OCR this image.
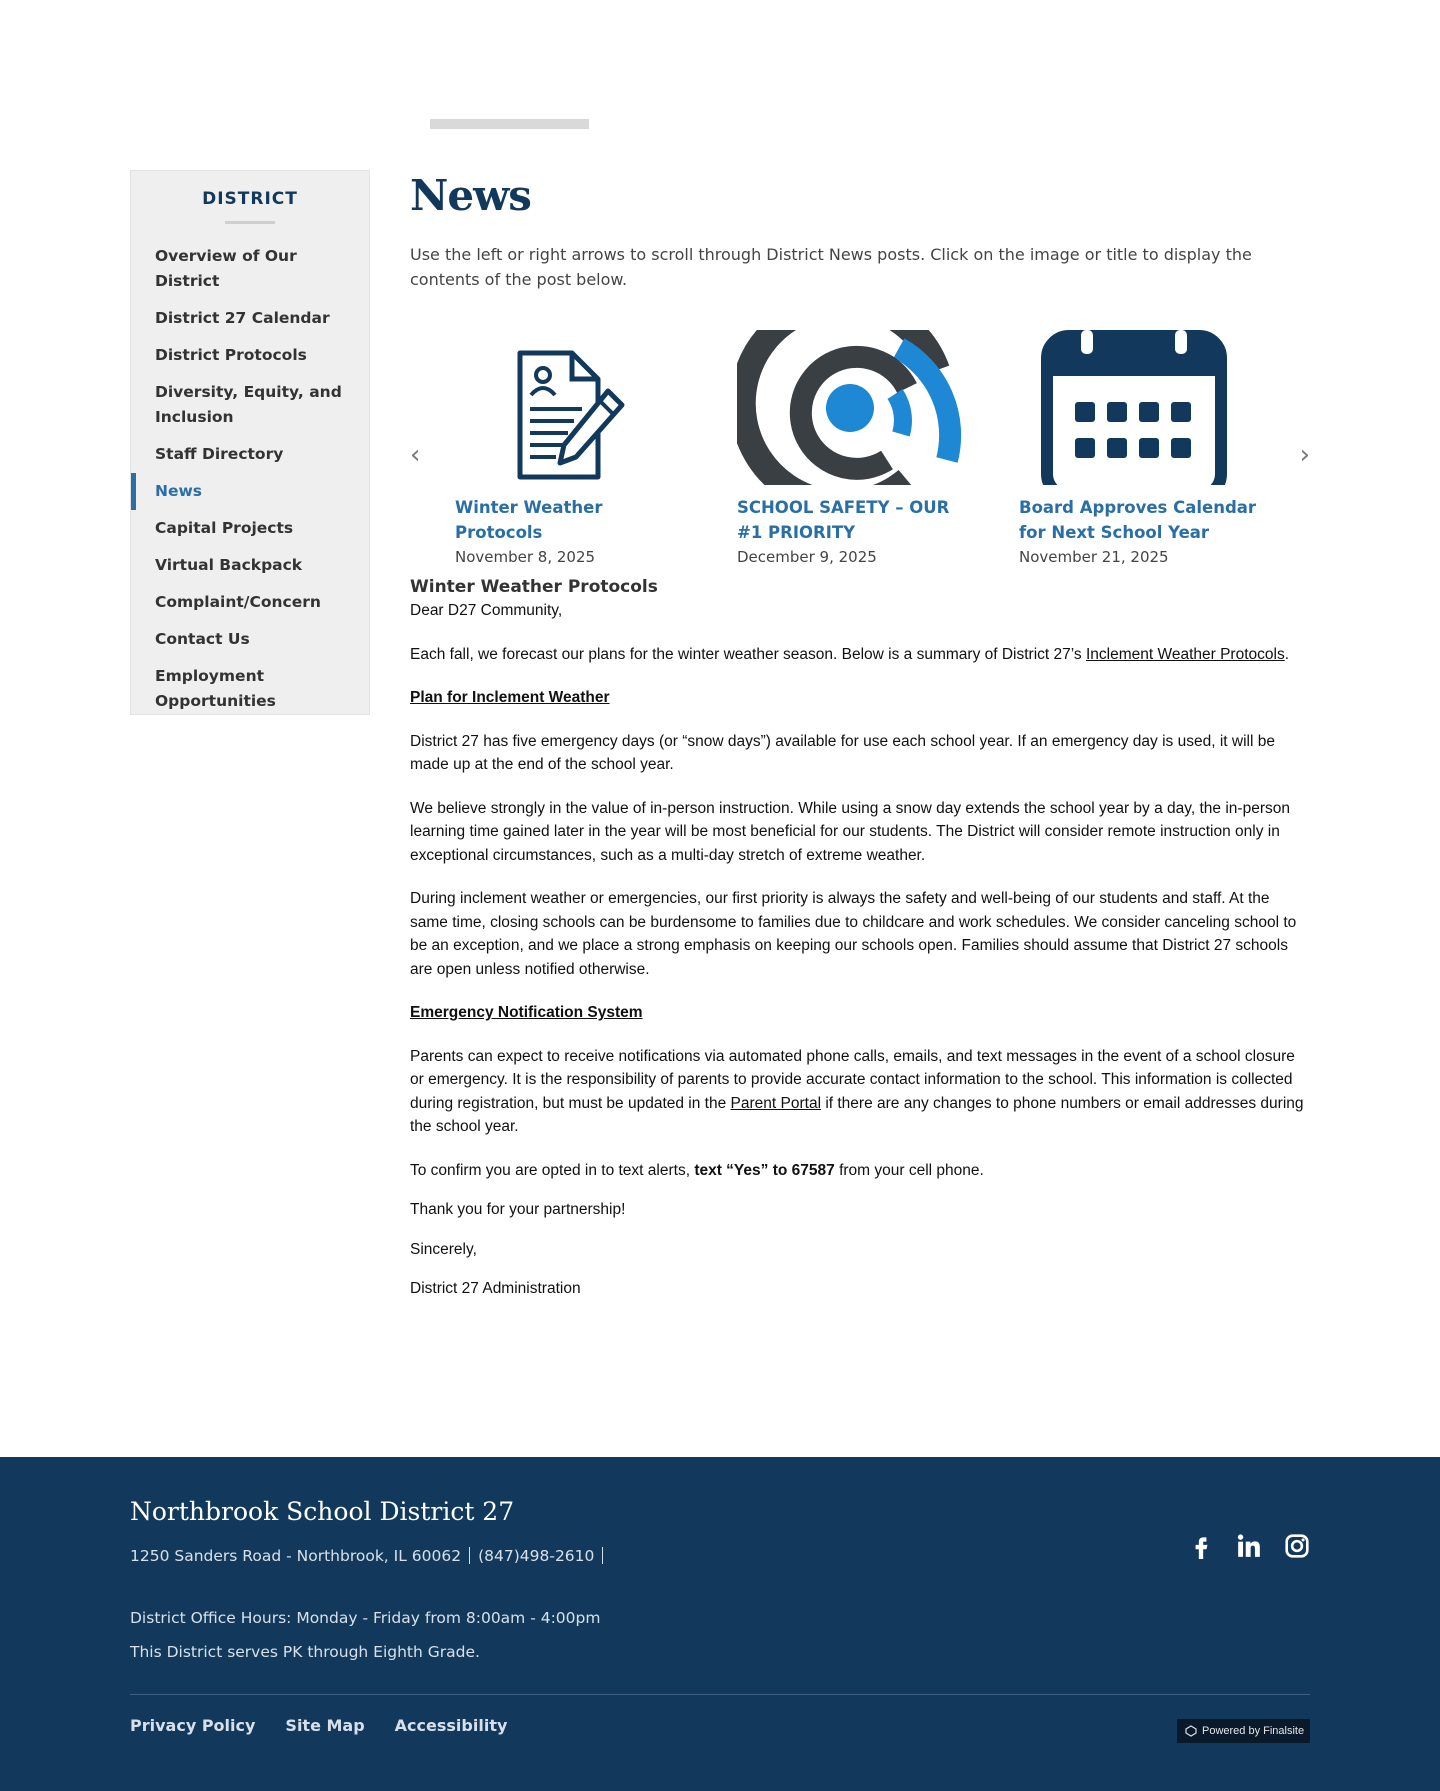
DISTRICT
Overview of Our District
District 27 Calendar
District Protocols
Diversity, Equity, and Inclusion
Staff Directory
News
Capital Projects
Virtual Backpack
Complaint/Concern
Contact Us
Employment Opportunities
News

Use the left or right arrows to scroll through District News posts. Click on the image or title to display the contents of the post below.

‹
Winter Weather Protocols
November 8, 2025
SCHOOL SAFETY – OUR #1 PRIORITY
December 9, 2025
Board Approves Calendar for Next School Year
November 21, 2025
›
Winter Weather Protocols

Dear D27 Community,

Each fall, we forecast our plans for the winter weather season. Below is a summary of District 27’s Inclement Weather Protocols.

Plan for Inclement Weather

District 27 has five emergency days (or “snow days”) available for use each school year. If an emergency day is used, it will be made up at the end of the school year.

We believe strongly in the value of in-person instruction. While using a snow day extends the school year by a day, the in-person learning time gained later in the year will be most beneficial for our students. The District will consider remote instruction only in exceptional circumstances, such as a multi-day stretch of extreme weather.

During inclement weather or emergencies, our first priority is always the safety and well-being of our students and staff. At the same time, closing schools can be burdensome to families due to childcare and work schedules. We consider canceling school to be an exception, and we place a strong emphasis on keeping our schools open. Families should assume that District 27 schools are open unless notified otherwise.

Emergency Notification System

Parents can expect to receive notifications via automated phone calls, emails, and text messages in the event of a school closure or emergency. It is the responsibility of parents to provide accurate contact information to the school. This information is collected during registration, but must be updated in the Parent Portal if there are any changes to phone numbers or email addresses during the school year.

To confirm you are opted in to text alerts, text “Yes” to 67587 from your cell phone.

Thank you for your partnership!

Sincerely,

District 27 Administration

Northbrook School District 27
1250 Sanders Road - Northbrook, IL 60062 (847)498-2610
District Office Hours: Monday - Friday from 8:00am - 4:00pm
This District serves PK through Eighth Grade.
Privacy Policy Site Map Accessibility	Powered by Finalsite
